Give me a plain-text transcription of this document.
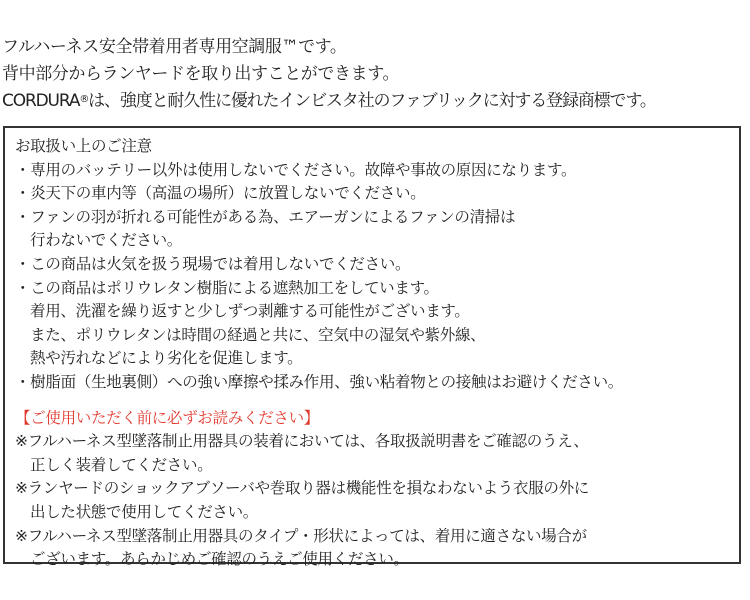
フルハーネス安全帯着用者専用空調服™です。
背中部分からランヤードを取り出すことができます。
CORDURA®は、強度と耐久性に優れたインビスタ社のファブリックに対する登録商標です。
お取扱い上のご注意
・専用のバッテリー以外は使用しないでください。故障や事故の原因になります。
・炎天下の車内等（高温の場所）に放置しないでください。
・ファンの羽が折れる可能性がある為、エアーガンによるファンの清掃は
行わないでください。
・この商品は火気を扱う現場では着用しないでください。
・この商品はポリウレタン樹脂による遮熱加工をしています。
着用、洗濯を繰り返すと少しずつ剥離する可能性がございます。
また、ポリウレタンは時間の経過と共に、空気中の湿気や紫外線、
熱や汚れなどにより劣化を促進します。
・樹脂面（生地裏側）への強い摩擦や揉み作用、強い粘着物との接触はお避けください。
【ご使用いただく前に必ずお読みください】
※フルハーネス型墜落制止用器具の装着においては、各取扱説明書をご確認のうえ、
正しく装着してください。
※ランヤードのショックアブソーバや巻取り器は機能性を損なわないよう衣服の外に
出した状態で使用してください。
※フルハーネス型墜落制止用器具のタイプ・形状によっては、着用に適さない場合が
ございます。あらかじめご確認のうえご使用ください。
